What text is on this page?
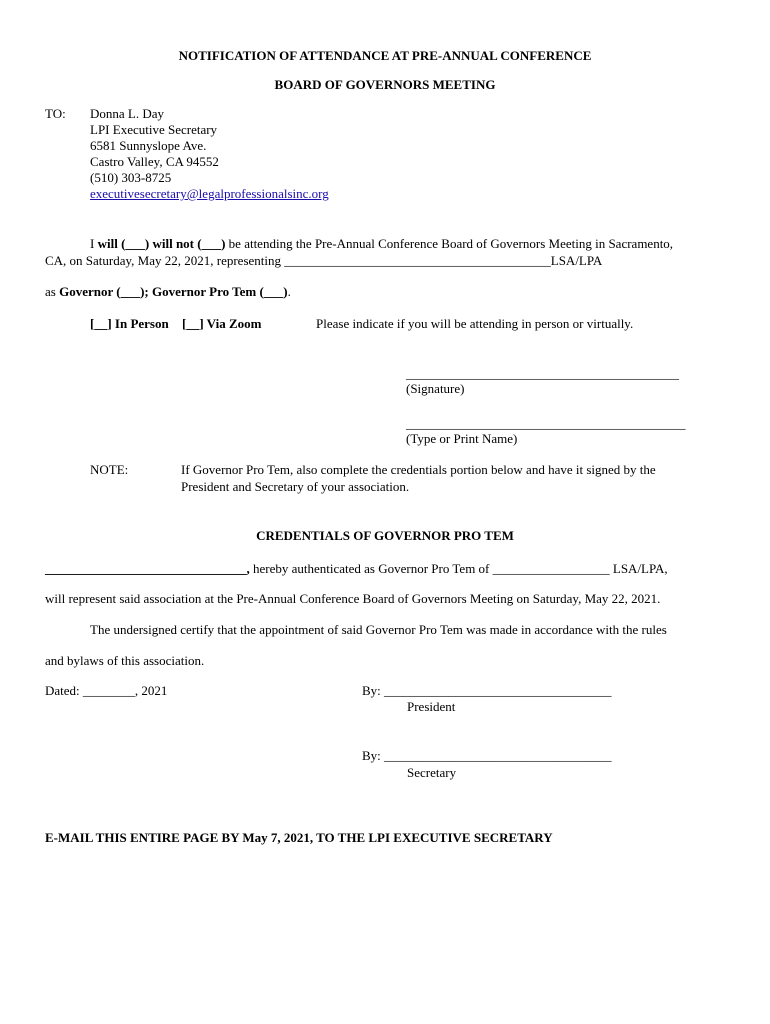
NOTIFICATION OF ATTENDANCE AT PRE-ANNUAL CONFERENCE
BOARD OF GOVERNORS MEETING
TO: Donna L. Day
LPI Executive Secretary
6581 Sunnyslope Ave.
Castro Valley, CA 94552
(510) 303-8725
executivesecretary@legalprofessionalsinc.org
I will (___) will not (___) be attending the Pre-Annual Conference Board of Governors Meeting in Sacramento,
CA, on Saturday, May 22, 2021, representing _________________________________________LSA/LPA
as Governor (___); Governor Pro Tem (___).
[__] In Person [__] Via Zoom	Please indicate if you will be attending in person or virtually.
__________________________________________
(Signature)
___________________________________________
(Type or Print Name)
NOTE:	If Governor Pro Tem, also complete the credentials portion below and have it signed by the
President and Secretary of your association.
CREDENTIALS OF GOVERNOR PRO TEM
_______________________________, hereby authenticated as Governor Pro Tem of __________________ LSA/LPA,
will represent said association at the Pre-Annual Conference Board of Governors Meeting on Saturday, May 22, 2021.
The undersigned certify that the appointment of said Governor Pro Tem was made in accordance with the rules
and bylaws of this association.
Dated: ________, 2021	By: ___________________________________
President
By: ___________________________________
Secretary
E-MAIL THIS ENTIRE PAGE BY May 7, 2021, TO THE LPI EXECUTIVE SECRETARY
